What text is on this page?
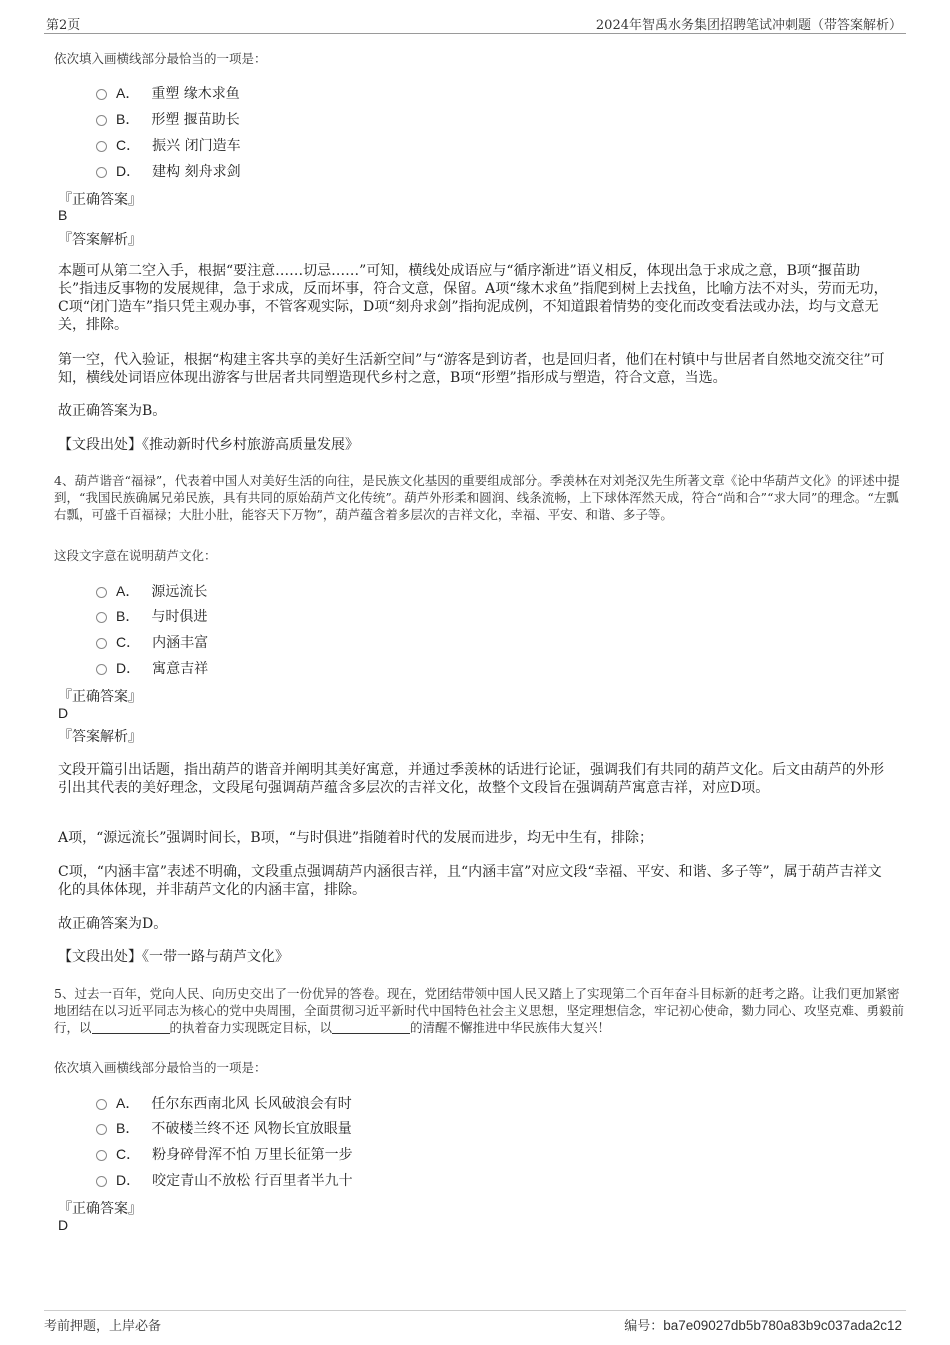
第2页	2024年智禹水务集团招聘笔试冲刺题（带答案解析）
依次填入画横线部分最恰当的一项是：
A． 重塑 缘木求鱼
B． 形塑 揠苗助长
C． 振兴 闭门造车
D． 建构 刻舟求剑
『正确答案』
B
『答案解析』
本题可从第二空入手，根据“要注意……切忌……”可知，横线处成语应与“循序渐进”语义相反，体现出急于求成之意，B项“揠苗助长”指违反事物的发展规律，急于求成，反而坏事，符合文意，保留。A项“缘木求鱼”指爬到树上去找鱼，比喻方法不对头，劳而无功，C项“闭门造车”指只凭主观办事，不管客观实际，D项“刻舟求剑”指拘泥成例，不知道跟着情势的变化而改变看法或办法，均与文意无关，排除。
第一空，代入验证，根据“构建主客共享的美好生活新空间”与“游客是到访者，也是回归者，他们在村镇中与世居者自然地交流交往”可知，横线处词语应体现出游客与世居者共同塑造现代乡村之意，B项“形塑”指形成与塑造，符合文意，当选。
故正确答案为B。
【文段出处】《推动新时代乡村旅游高质量发展》
4、葫芦谐音“福禄”，代表着中国人对美好生活的向往，是民族文化基因的重要组成部分。季羡林在对刘尧汉先生所著文章《论中华葫芦文化》的评述中提到，“我国民族确属兄弟民族，具有共同的原始葫芦文化传统”。葫芦外形柔和圆润、线条流畅，上下球体浑然天成，符合“尚和合”“求大同”的理念。“左瓢右瓢，可盛千百福禄；大肚小肚，能容天下万物”，葫芦蕴含着多层次的吉祥文化，幸福、平安、和谐、多子等。
这段文字意在说明葫芦文化：
A． 源远流长
B． 与时俱进
C． 内涵丰富
D． 寓意吉祥
『正确答案』
D
『答案解析』
文段开篇引出话题，指出葫芦的谐音并阐明其美好寓意，并通过季羡林的话进行论证，强调我们有共同的葫芦文化。后文由葫芦的外形引出其代表的美好理念，文段尾句强调葫芦蕴含多层次的吉祥文化，故整个文段旨在强调葫芦寓意吉祥，对应D项。
A项，“源远流长”强调时间长，B项，“与时俱进”指随着时代的发展而进步，均无中生有，排除；
C项，“内涵丰富”表述不明确，文段重点强调葫芦内涵很吉祥，且“内涵丰富”对应文段“幸福、平安、和谐、多子等”，属于葫芦吉祥文化的具体体现，并非葫芦文化的内涵丰富，排除。
故正确答案为D。
【文段出处】《一带一路与葫芦文化》
5、过去一百年，党向人民、向历史交出了一份优异的答卷。现在，党团结带领中国人民又踏上了实现第二个百年奋斗目标新的赶考之路。让我们更加紧密地团结在以习近平同志为核心的党中央周围，全面贯彻习近平新时代中国特色社会主义思想，坚定理想信念，牢记初心使命，勠力同心、攻坚克难、勇毅前行，以	的执着奋力实现既定目标，以	的清醒不懈推进中华民族伟大复兴！
依次填入画横线部分最恰当的一项是：
A． 任尔东西南北风 长风破浪会有时
B． 不破楼兰终不还 风物长宜放眼量
C． 粉身碎骨浑不怕 万里长征第一步
D． 咬定青山不放松 行百里者半九十
『正确答案』
D
考前押题，上岸必备	编号：ba7e09027db5b780a83b9c037ada2c12
